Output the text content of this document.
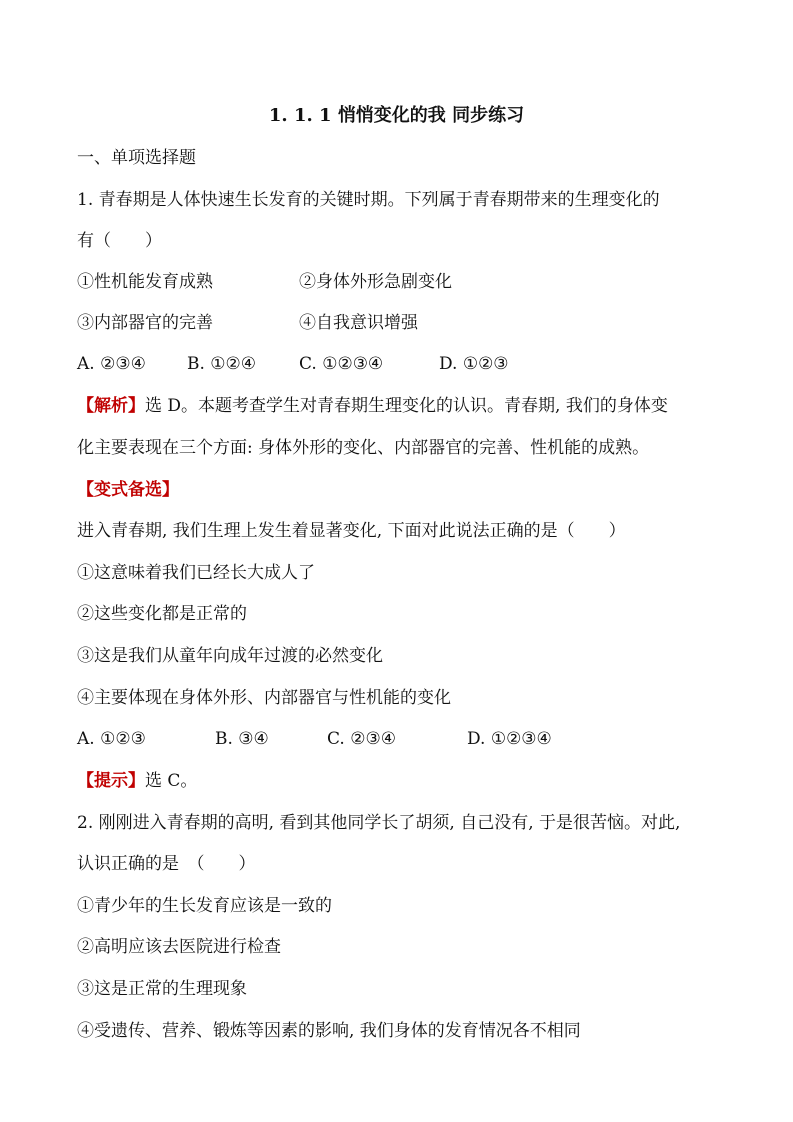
1. 1. 1 悄悄变化的我 同步练习
一、单项选择题
1. 青春期是人体快速生长发育的关键时期。下列属于青春期带来的生理变化的
有（　　）
①性机能发育成熟	②身体外形急剧变化
③内部器官的完善	④自我意识增强
A. ②③④ B. ①②④	C. ①②③④	D. ①②③
【解析】选 D。本题考查学生对青春期生理变化的认识。青春期, 我们的身体变
化主要表现在三个方面: 身体外形的变化、内部器官的完善、性机能的成熟。
【变式备选】
进入青春期, 我们生理上发生着显著变化, 下面对此说法正确的是（　　）
①这意味着我们已经长大成人了
②这些变化都是正常的
③这是我们从童年向成年过渡的必然变化
④主要体现在身体外形、内部器官与性机能的变化
A. ①②③	B. ③④	C. ②③④	D. ①②③④
【提示】选 C。
2. 刚刚进入青春期的高明, 看到其他同学长了胡须, 自己没有, 于是很苦恼。对此,
认识正确的是　（　　）
①青少年的生长发育应该是一致的
②高明应该去医院进行检查
③这是正常的生理现象
④受遗传、营养、锻炼等因素的影响, 我们身体的发育情况各不相同
